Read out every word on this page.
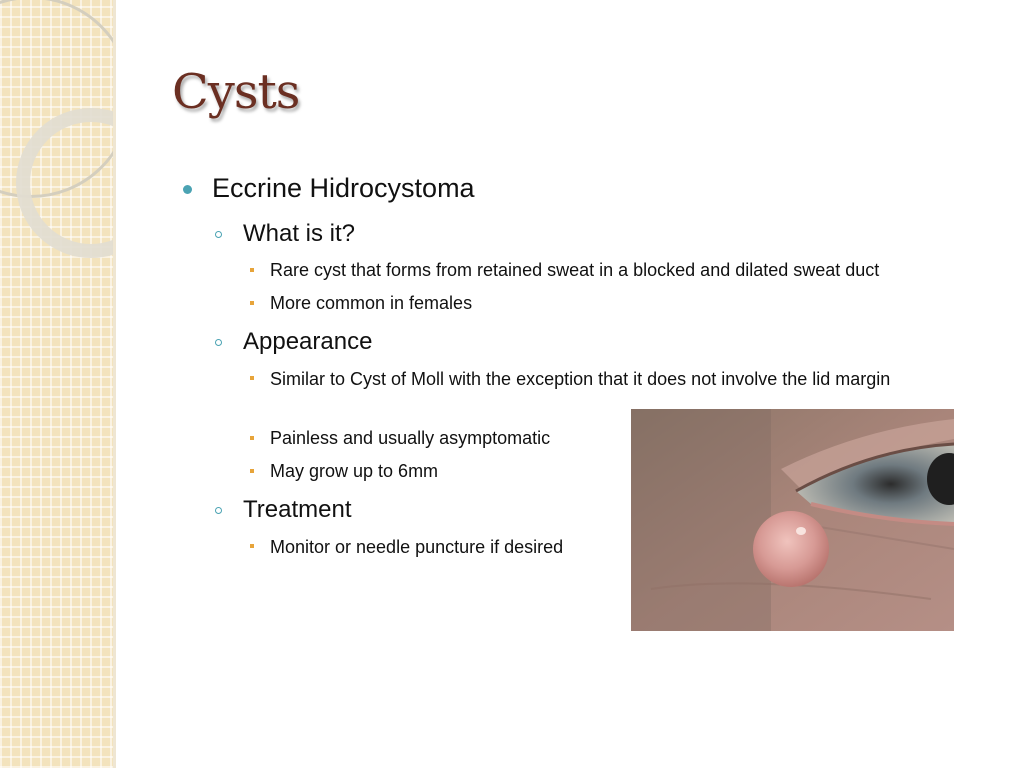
Cysts
Eccrine Hidrocystoma
What is it?
Rare cyst that forms from retained sweat in a blocked and dilated sweat duct
More common in females
Appearance
Similar to Cyst of Moll with the exception that it does not involve the lid margin
Painless and usually asymptomatic
May grow up to 6mm
Treatment
Monitor or needle puncture if desired
